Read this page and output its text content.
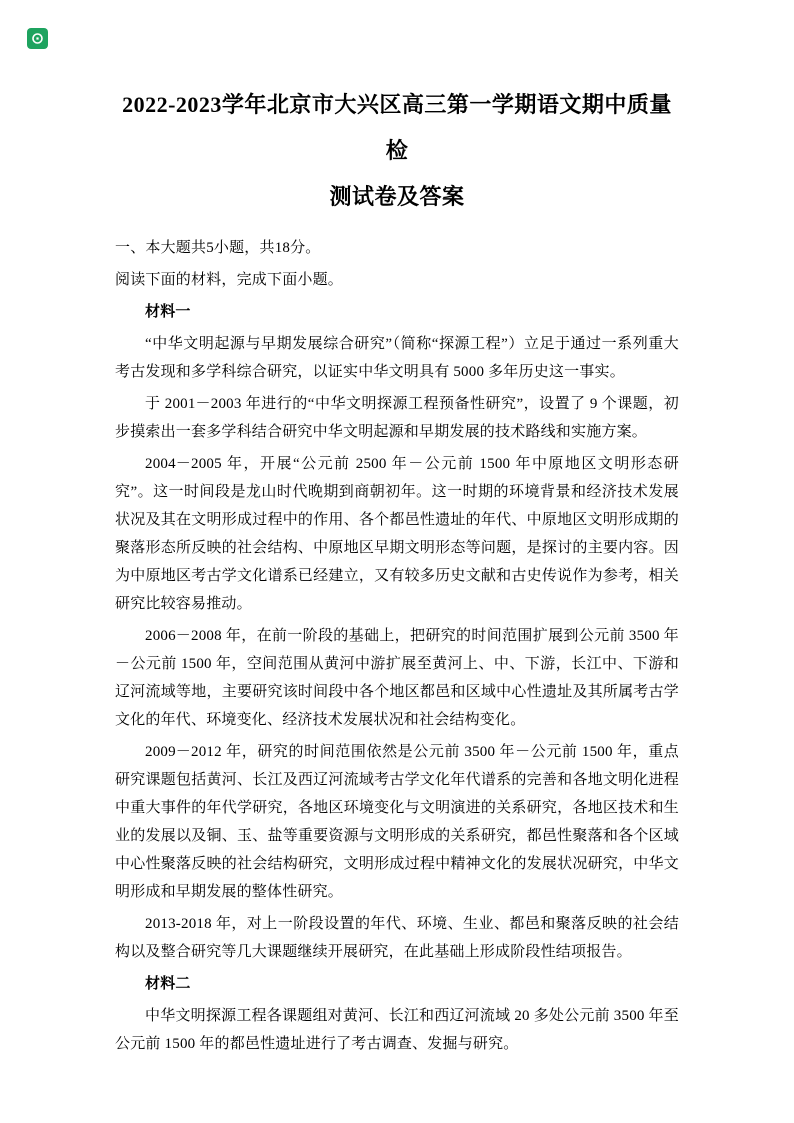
2022-2023学年北京市大兴区高三第一学期语文期中质量检
测试卷及答案

一、本大题共5小题，共18分。

阅读下面的材料，完成下面小题。

材料一

“中华文明起源与早期发展综合研究”（简称“探源工程”）立足于通过一系列重大考古发现和多学科综合研究，以证实中华文明具有 5000 多年历史这一事实。

于 2001－2003 年进行的“中华文明探源工程预备性研究”，设置了 9 个课题，初步摸索出一套多学科结合研究中华文明起源和早期发展的技术路线和实施方案。

2004－2005 年，开展“公元前 2500 年－公元前 1500 年中原地区文明形态研究”。这一时间段是龙山时代晚期到商朝初年。这一时期的环境背景和经济技术发展状况及其在文明形成过程中的作用、各个都邑性遗址的年代、中原地区文明形成期的聚落形态所反映的社会结构、中原地区早期文明形态等问题，是探讨的主要内容。因为中原地区考古学文化谱系已经建立，又有较多历史文献和古史传说作为参考，相关研究比较容易推动。

2006－2008 年，在前一阶段的基础上，把研究的时间范围扩展到公元前 3500 年－公元前 1500 年，空间范围从黄河中游扩展至黄河上、中、下游，长江中、下游和辽河流域等地，主要研究该时间段中各个地区都邑和区域中心性遗址及其所属考古学文化的年代、环境变化、经济技术发展状况和社会结构变化。

2009－2012 年，研究的时间范围依然是公元前 3500 年－公元前 1500 年，重点研究课题包括黄河、长江及西辽河流域考古学文化年代谱系的完善和各地文明化进程中重大事件的年代学研究，各地区环境变化与文明演进的关系研究，各地区技术和生业的发展以及铜、玉、盐等重要资源与文明形成的关系研究，都邑性聚落和各个区域中心性聚落反映的社会结构研究，文明形成过程中精神文化的发展状况研究，中华文明形成和早期发展的整体性研究。

2013-2018 年，对上一阶段设置的年代、环境、生业、都邑和聚落反映的社会结构以及整合研究等几大课题继续开展研究，在此基础上形成阶段性结项报告。

材料二

中华文明探源工程各课题组对黄河、长江和西辽河流域 20 多处公元前 3500 年至公元前 1500 年的都邑性遗址进行了考古调查、发掘与研究。
